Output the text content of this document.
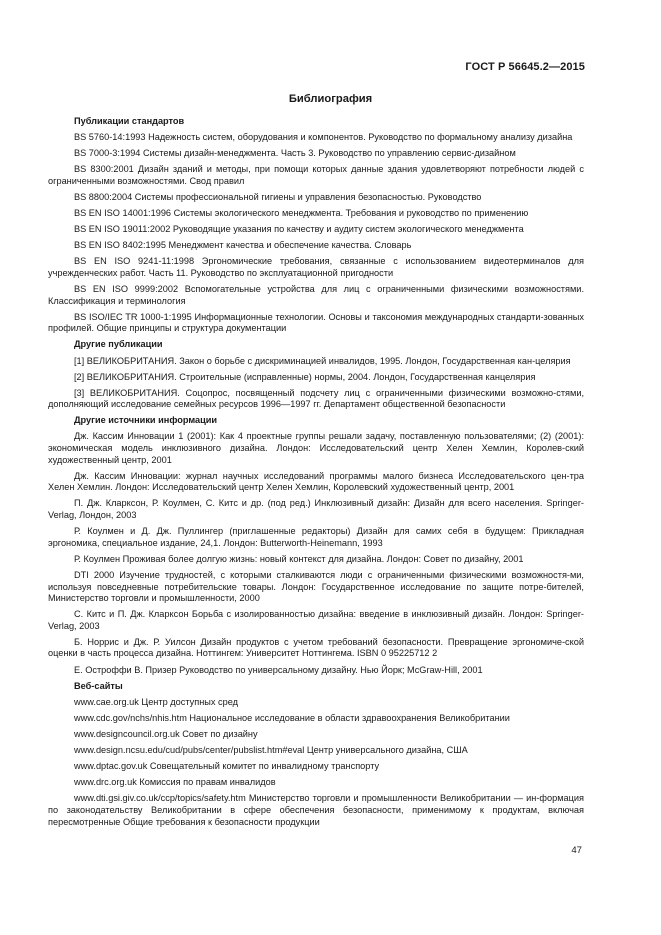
ГОСТ Р 56645.2—2015
Библиография
Публикации стандартов

BS 5760-14:1993 Надежность систем, оборудования и компонентов. Руководство по формальному анализу дизайна

BS 7000-3:1994 Системы дизайн-менеджмента. Часть 3. Руководство по управлению сервис-дизайном

BS 8300:2001 Дизайн зданий и методы, при помощи которых данные здания удовлетворяют потребности людей с ограниченными возможностями. Свод правил

BS 8800:2004 Системы профессиональной гигиены и управления безопасностью. Руководство

BS EN ISO 14001:1996 Системы экологического менеджмента. Требования и руководство по применению

BS EN ISO 19011:2002 Руководящие указания по качеству и аудиту систем экологического менеджмента

BS EN ISO 8402:1995 Менеджмент качества и обеспечение качества. Словарь

BS EN ISO 9241-11:1998 Эргономические требования, связанные с использованием видеотерминалов для учрежденческих работ. Часть 11. Руководство по эксплуатационной пригодности

BS EN ISO 9999:2002 Вспомогательные устройства для лиц с ограниченными физическими возможностями. Классификация и терминология

BS ISO/IEC TR 1000-1:1995 Информационные технологии. Основы и таксономия международных стандарти-зованных профилей. Общие принципы и структура документации

Другие публикации

[1] ВЕЛИКОБРИТАНИЯ. Закон о борьбе с дискриминацией инвалидов, 1995. Лондон, Государственная кан-целярия

[2] ВЕЛИКОБРИТАНИЯ. Строительные (исправленные) нормы, 2004. Лондон, Государственная канцелярия

[3] ВЕЛИКОБРИТАНИЯ. Соцопрос, посвященный подсчету лиц с ограниченными физическими возможно-стями, дополняющий исследование семейных ресурсов 1996—1997 гг. Департамент общественной безопасности

Другие источники информации

Дж. Кассим Инновации 1 (2001): Как 4 проектные группы решали задачу, поставленную пользователями; (2) (2001): экономическая модель инклюзивного дизайна. Лондон: Исследовательский центр Хелен Хемлин, Королев-ский художественный центр, 2001

Дж. Кассим Инновации: журнал научных исследований программы малого бизнеса Исследовательского цен-тра Хелен Хемлин. Лондон: Исследовательский центр Хелен Хемлин, Королевский художественный центр, 2001

П. Дж. Кларксон, Р. Коулмен, С. Китс и др. (под ред.) Инклюзивный дизайн: Дизайн для всего населения. Springer-Verlag, Лондон, 2003

Р. Коулмен и Д. Дж. Пуллингер (приглашенные редакторы) Дизайн для самих себя в будущем: Прикладная эргономика, специальное издание, 24,1. Лондон: Butterworth-Heinemann, 1993

Р. Коулмен Проживая более долгую жизнь: новый контекст для дизайна. Лондон: Совет по дизайну, 2001

DTI 2000 Изучение трудностей, с которыми сталкиваются люди с ограниченными физическими возможностя-ми, используя повседневные потребительские товары. Лондон: Государственное исследование по защите потре-бителей, Министерство торговли и промышленности, 2000

С. Китс и П. Дж. Кларксон Борьба с изолированностью дизайна: введение в инклюзивный дизайн. Лондон: Springer-Verlag, 2003

Б. Норрис и Дж. Р. Уилсон Дизайн продуктов с учетом требований безопасности. Превращение эргономиче-ской оценки в часть процесса дизайна. Ноттингем: Университет Ноттингема. ISBN 0 95225712 2

Е. Остроффи В. Призер Руководство по универсальному дизайну. Нью Йорк; McGraw-Hill, 2001

Веб-сайты

www.cae.org.uk Центр доступных сред

www.cdc.gov/nchs/nhis.htm Национальное исследование в области здравоохранения Великобритании

www.designcouncil.org.uk Совет по дизайну

www.design.ncsu.edu/cud/pubs/center/pubslist.htm#eval Центр универсального дизайна, США

www.dptac.gov.uk Совещательный комитет по инвалидному транспорту

www.drc.org.uk Комиссия по правам инвалидов

www.dti.gsi.giv.co.uk/ccp/topics/safety.htm Министерство торговли и промышленности Великобритании — ин-формация по законодательству Великобритании в сфере обеспечения безопасности, применимому к продуктам, включая пересмотренные Общие требования к безопасности продукции

47
